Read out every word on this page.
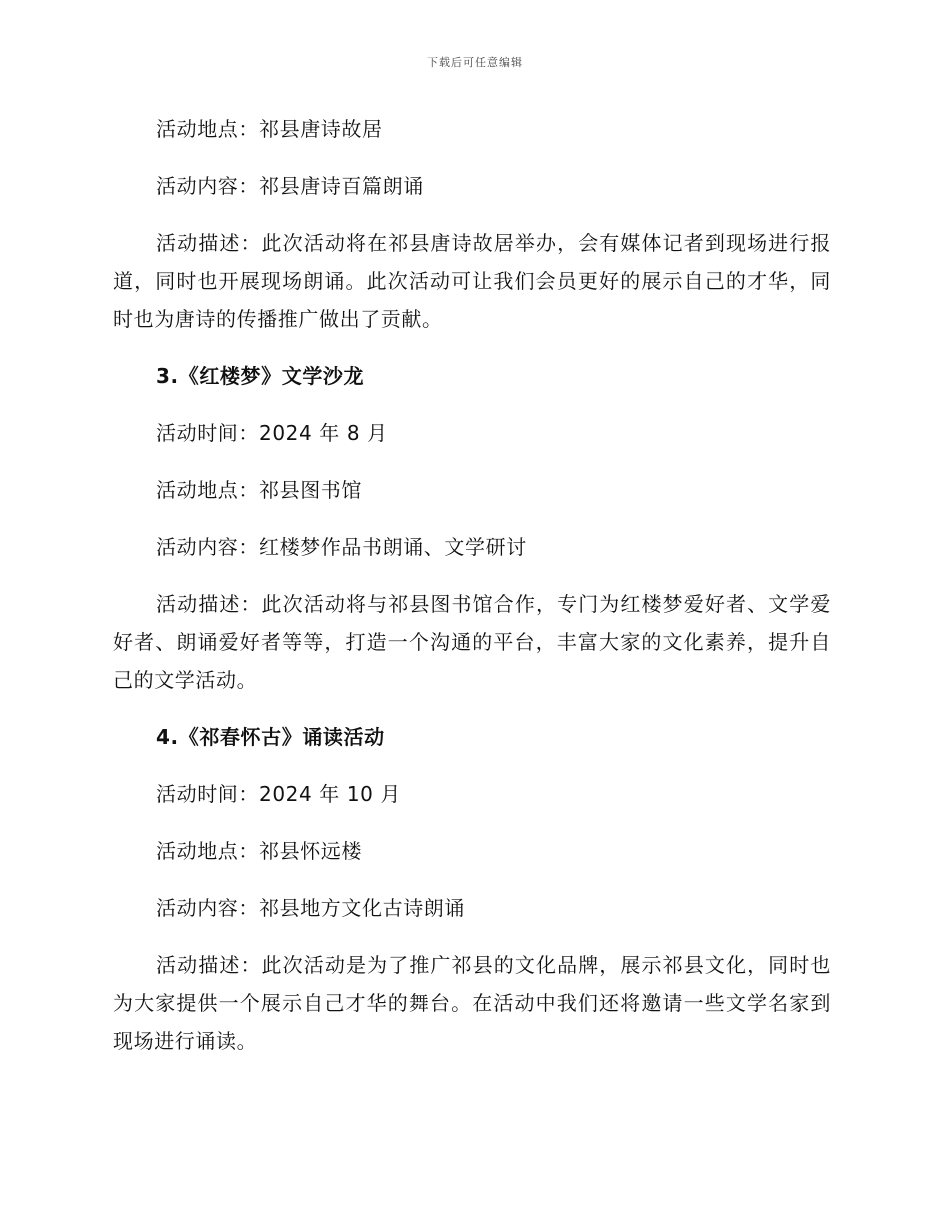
下载后可任意编辑

活动地点：祁县唐诗故居

活动内容：祁县唐诗百篇朗诵

活动描述：此次活动将在祁县唐诗故居举办，会有媒体记者到现场进行报道，同时也开展现场朗诵。此次活动可让我们会员更好的展示自己的才华，同时也为唐诗的传播推广做出了贡献。

3.《红楼梦》文学沙龙

活动时间：2024 年 8 月

活动地点：祁县图书馆

活动内容：红楼梦作品书朗诵、文学研讨

活动描述：此次活动将与祁县图书馆合作，专门为红楼梦爱好者、文学爱好者、朗诵爱好者等等，打造一个沟通的平台，丰富大家的文化素养，提升自己的文学活动。

4.《祁春怀古》诵读活动

活动时间：2024 年 10 月

活动地点：祁县怀远楼

活动内容：祁县地方文化古诗朗诵

活动描述：此次活动是为了推广祁县的文化品牌，展示祁县文化，同时也为大家提供一个展示自己才华的舞台。在活动中我们还将邀请一些文学名家到现场进行诵读。
